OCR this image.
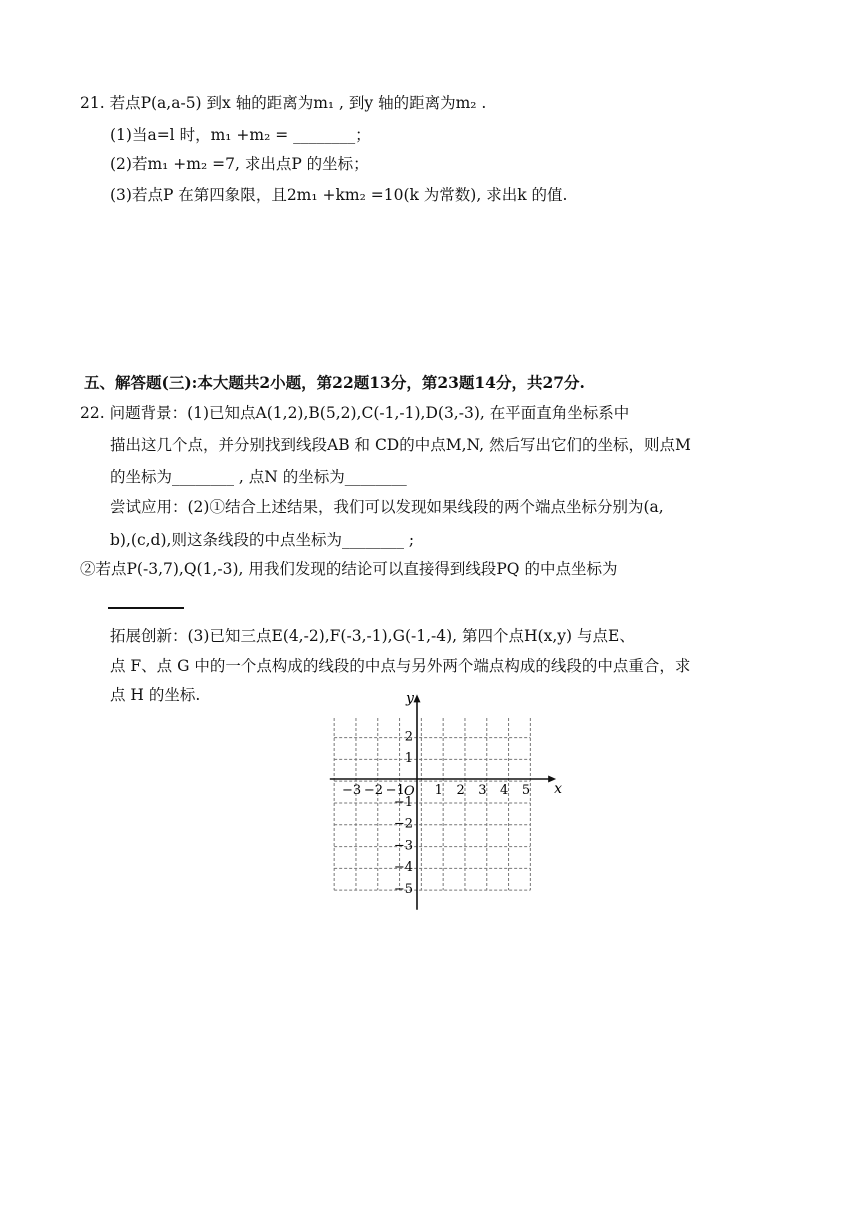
21. 若点P(a,a-5) 到x 轴的距离为m₁ , 到y 轴的距离为m₂ .
(1)当a=l 时，m₁ +m₂ = ________；
(2)若m₁ +m₂ =7, 求出点P 的坐标；
(3)若点P 在第四象限，且2m₁ +km₂ =10(k 为常数), 求出k 的值.
五、解答题(三):本大题共2小题，第22题13分，第23题14分，共27分.
22. 问题背景：(1)已知点A(1,2),B(5,2),C(-1,-1),D(3,-3), 在平面直角坐标系中
描出这几个点，并分别找到线段AB 和 CD的中点M,N, 然后写出它们的坐标，则点M
的坐标为________ , 点N 的坐标为________
尝试应用：(2)①结合上述结果，我们可以发现如果线段的两个端点坐标分别为(a,
b),(c,d),则这条线段的中点坐标为________ ;
②若点P(-3,7),Q(1,-3), 用我们发现的结论可以直接得到线段PQ 的中点坐标为
拓展创新：(3)已知三点E(4,-2),F(-3,-1),G(-1,-4), 第四个点H(x,y) 与点E、
点 F、点 G 中的一个点构成的线段的中点与另外两个端点构成的线段的中点重合，求
点 H 的坐标.
x
y
O
−3 −2 −1 1 2 3 4 5
2
1
−1
−2
−3
−4
−5
